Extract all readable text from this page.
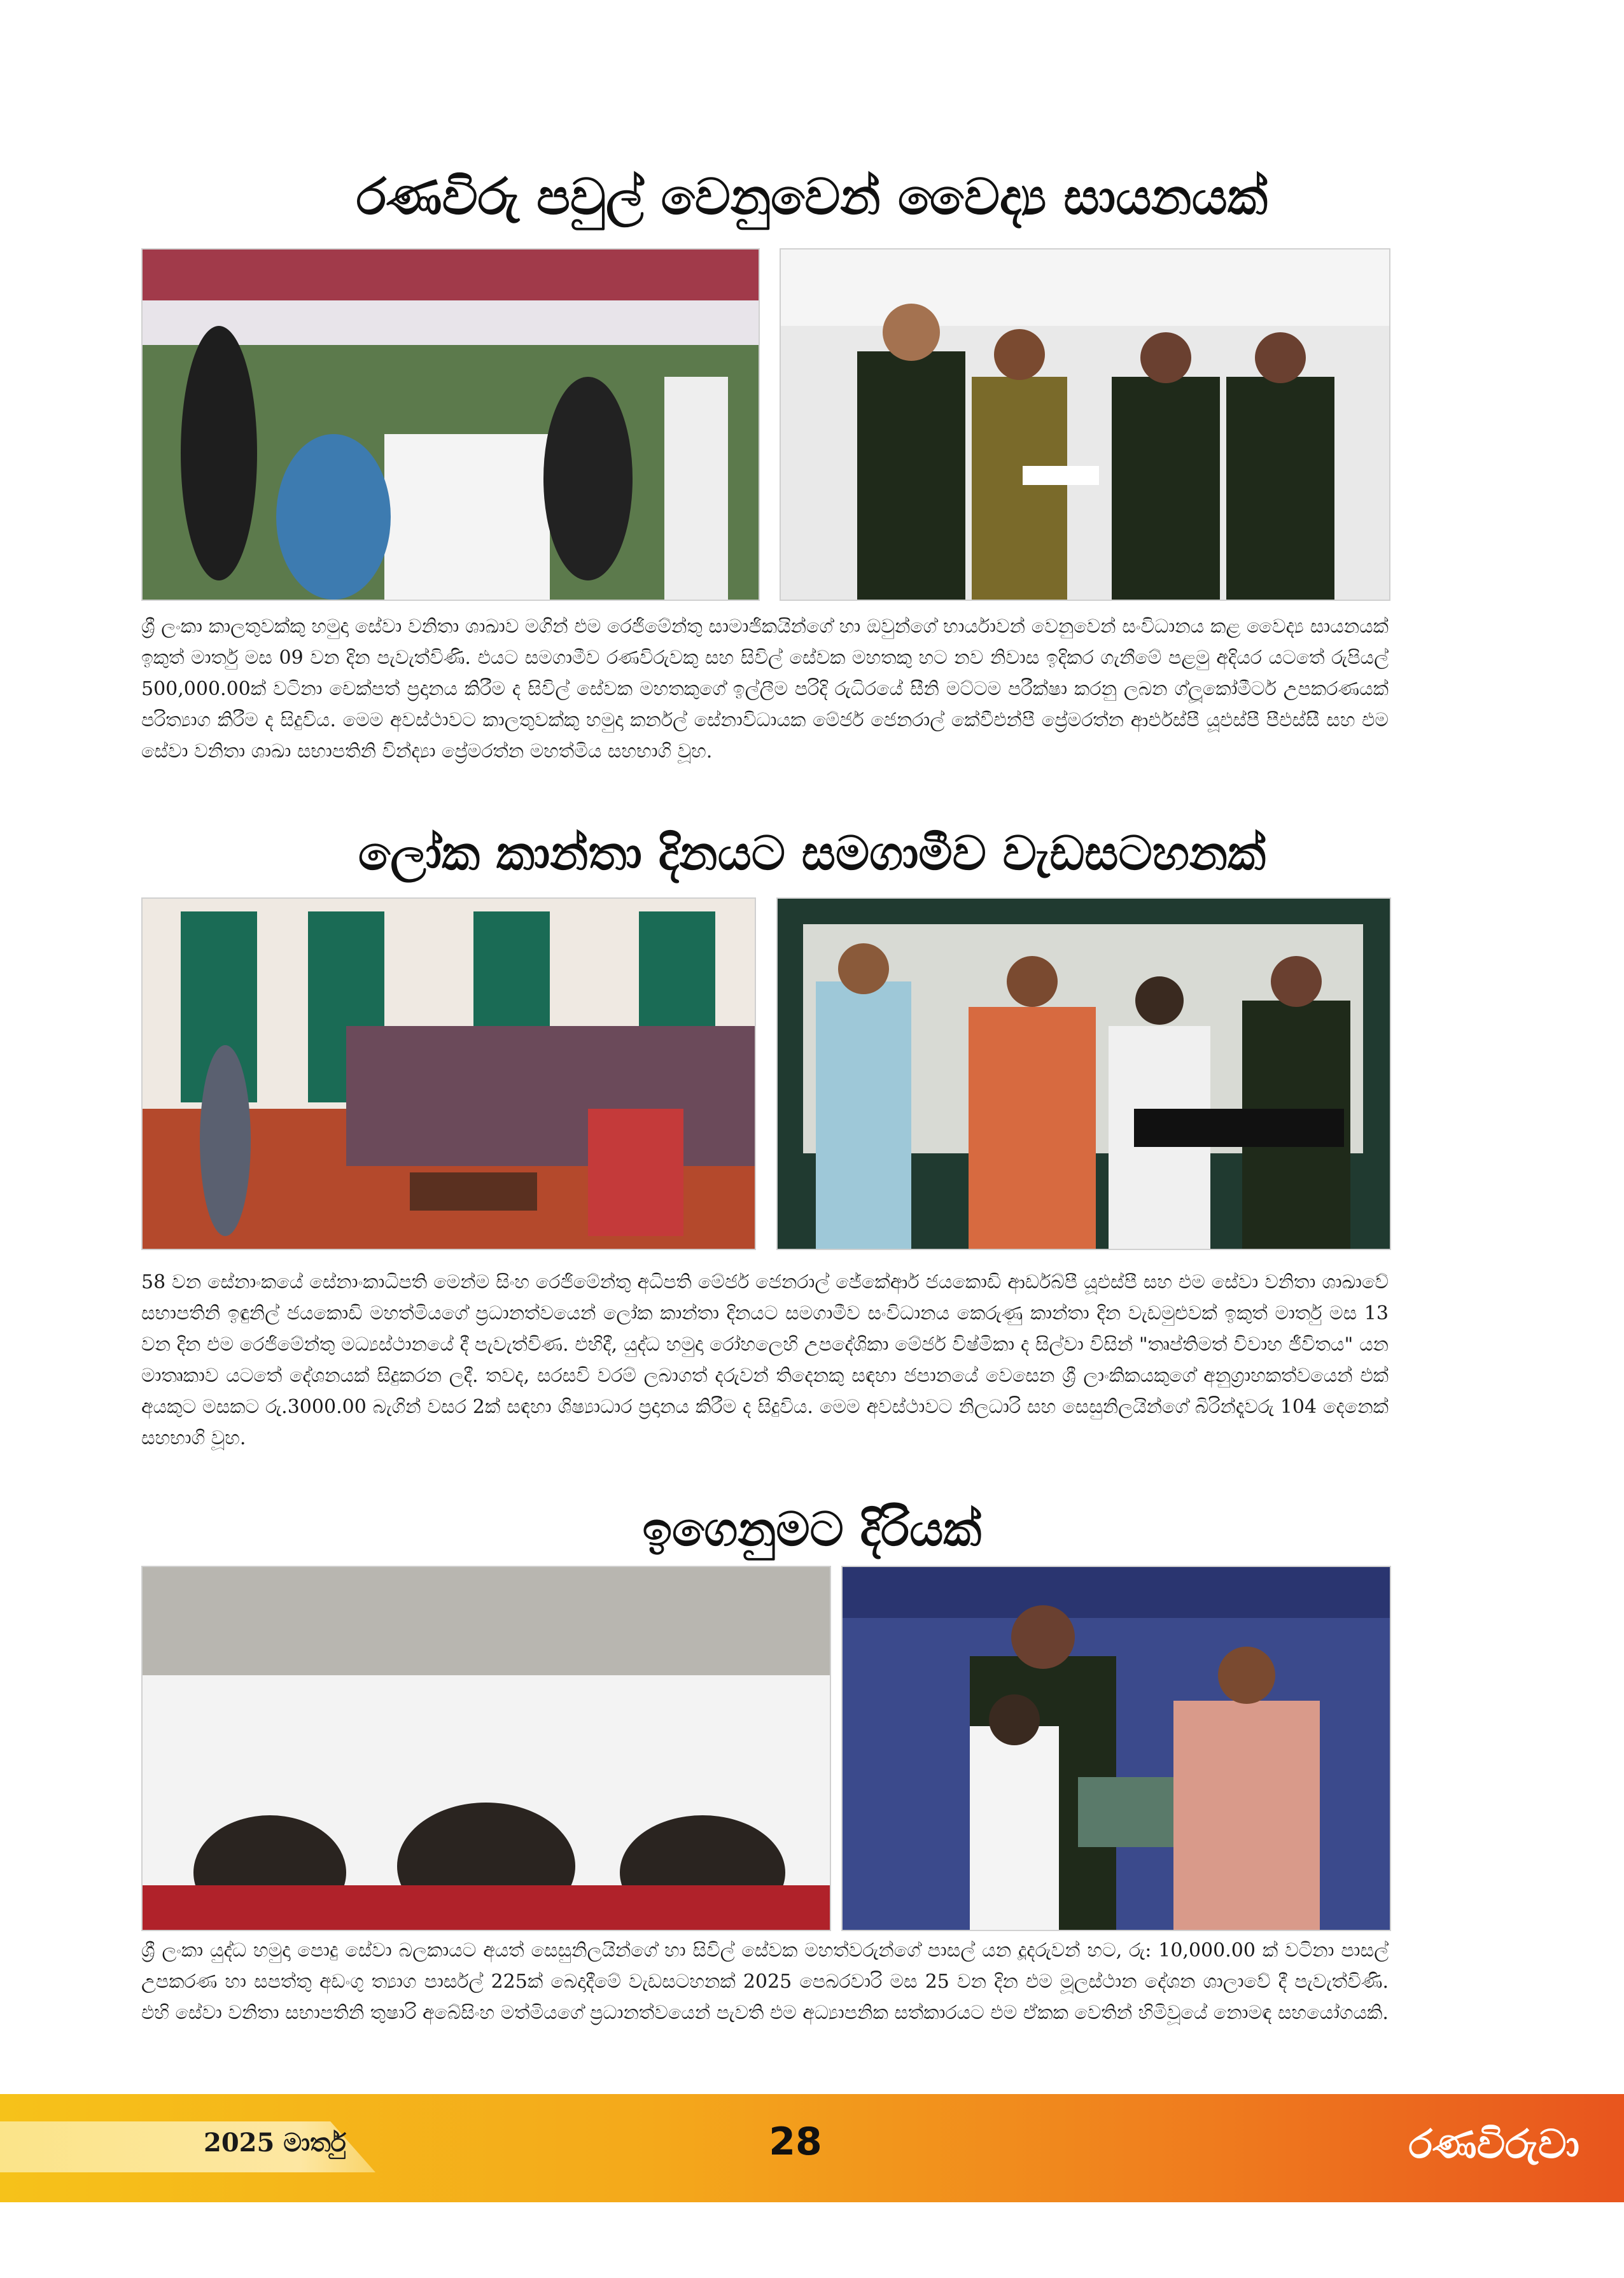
රණවිරු පවුල් වෙනුවෙන් වෛද්‍ය සායනයක්

ශ්‍රී ලංකා කාලතුවක්කු හමුදා සේවා වනිතා ශාඛාව මගින් එම රෙජිමේන්තු සාමාජිකයින්ගේ හා ඔවුන්ගේ භාර්යාවන් වෙනුවෙන් සංවිධානය කළ වෛද්‍ය සායනයක් ඉකුත් මාර්තු මස 09 වන දින පැවැත්විණි. එයට සමගාමීව රණවිරුවකු සහ සිවිල් සේවක මහතකු හට නව නිවාස ඉදිකර ගැනීමේ පළමු අදියර යටතේ රුපියල් 500,000.00ක් වටිනා චෙක්පත් ප්‍රදානය කිරීම ද සිවිල් සේවක මහතකුගේ ඉල්ලීම පරිදි රුධිරයේ සීනි මට්ටම පරීක්ෂා කරනු ලබන ග්ලූකෝමීටර් උපකරණයක් පරිත්‍යාග කිරීම ද සිදුවිය. මෙම අවස්ථාවට කාලතුවක්කු හමුදා කර්නල් සේනාවිධායක මේජර් ජෙනරාල් කේවීඑන්පී ප්‍රේමරත්න ආර්එස්පී යූඑස්පී පීඑස්සී සහ එම සේවා වනිතා ශාඛා සභාපතිනි වින්ද්‍යා ප්‍රේමරත්න මහත්මිය සහභාගි වූහ.

ලෝක කාන්තා දිනයට සමගාමීව වැඩසටහනක්

58 වන සේනාංකයේ සේනාංකාධිපති මෙන්ම සිංහ රෙජිමේන්තු අධිපති මේජර් ජෙනරාල් ජේකේආර් ජයකොඩි ආර්ඩබ්පී යූඑස්පී සහ එම සේවා වනිතා ශාඛාවේ සභාපතිනි ඉඳුනිල් ජයකොඩි මහත්මියගේ ප්‍රධානත්වයෙන් ලෝක කාන්තා දිනයට සමගාමීව සංවිධානය කෙරුණු කාන්තා දින වැඩමුළුවක් ඉකුත් මාර්තු මස 13 වන දින එම රෙජිමේන්තු මධ්‍යස්ථානයේ දී පැවැත්විණ. එහිදී, යුද්ධ හමුදා රෝහලෙහි උපදේශිකා මේජර් විෂ්මිකා ද සිල්වා විසින් "තෘප්තිමත් විවාහ ජීවිතය" යන මාතෘකාව යටතේ දේශනයක් සිදුකරන ලදී. තවද, සරසවි වරම් ලබාගත් දරුවන් තිදෙනකු සඳහා ජපානයේ වෙසෙන ශ්‍රී ලාංකිකයකුගේ අනුග්‍රාහකත්වයෙන් එක් අයකුට මසකට රු.3000.00 බැගින් වසර 2ක් සඳහා ශිෂ්‍යාධාර ප්‍රදානය කිරීම ද සිදුවිය. මෙම අවස්ථාවට නිලධාරි සහ සෙසුනිලයින්ගේ බිරින්දෑවරු 104 දෙනෙක් සහභාගි වූහ.

ඉගෙනුමට දිරියක්

ශ්‍රී ලංකා යුද්ධ හමුදා පොදු සේවා බලකායට අයත් සෙසුනිලයින්ගේ හා සිවිල් සේවක මහත්වරුන්ගේ පාසල් යන දූදරුවන් හට, රු: 10,000.00 ක් වටිනා පාසල් උපකරණ හා සපත්තු අඩංගු ත්‍යාග පාර්සල් 225ක් බෙදාදීමේ වැඩසටහනක් 2025 පෙබරවාරි මස 25 වන දින එම මූලස්ථාන දේශන ශාලාවේ දී පැවැත්විණි. එහි සේවා වනිතා සභාපතිනි තුෂාරි අබේසිංහ මත්මියගේ ප්‍රධානත්වයෙන් පැවති එම අධ්‍යාපනික සත්කාරයට එම ඒකක වෙතින් හිමිවූයේ නොමඳ සහයෝගයකි.

2025 මාර්තු	28	රණවිරුවා
